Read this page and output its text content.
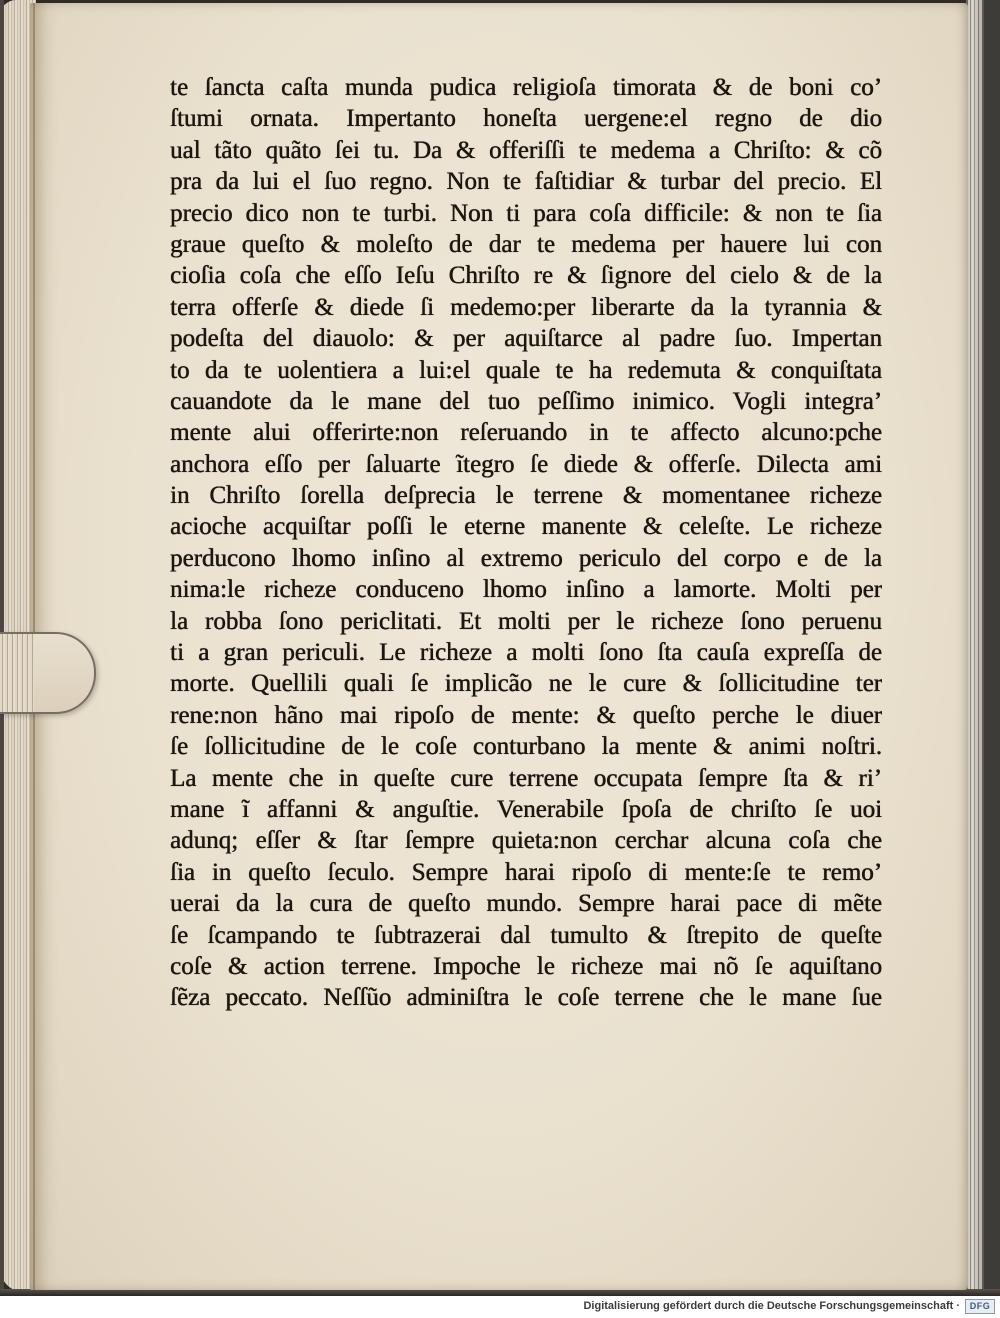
te ſancta caſta munda pudica religioſa timorata & de boni co’
ſtumi ornata. Impertanto honeſta uergene:el regno de dio
ual tãto quãto ſei tu. Da & offeriſſi te medema a Chriſto: & cõ
pra da lui el ſuo regno. Non te faſtidiar & turbar del precio. El
precio dico non te turbi. Non ti para coſa difficile: & non te ſia
graue queſto & moleſto de dar te medema per hauere lui con
cioſia coſa che eſſo Ieſu Chriſto re & ſignore del cielo & de la
terra offerſe & diede ſi medemo:per liberarte da la tyrannia &
podeſta del diauolo: & per aquiſtarce al padre ſuo. Impertan
to da te uolentiera a lui:el quale te ha redemuta & conquiſtata
cauandote da le mane del tuo peſſimo inimico. Vogli integra’
mente alui offerirte:non reſeruando in te affecto alcuno:pche
anchora eſſo per ſaluarte ĩtegro ſe diede & offerſe. Dilecta ami
in Chriſto ſorella deſprecia le terrene & momentanee richeze
acioche acquiſtar poſſi le eterne manente & celeſte. Le richeze
perducono lhomo inſino al extremo periculo del corpo e de la
nima:le richeze conduceno lhomo inſino a lamorte. Molti per
la robba ſono periclitati. Et molti per le richeze ſono peruenu
ti a gran periculi. Le richeze a molti ſono ſta cauſa expreſſa de
morte. Quellili quali ſe implicão ne le cure & ſollicitudine ter
rene:non hãno mai ripoſo de mente: & queſto perche le diuer
ſe ſollicitudine de le coſe conturbano la mente & animi noſtri.
La mente che in queſte cure terrene occupata ſempre ſta & ri’
mane ĩ affanni & anguſtie. Venerabile ſpoſa de chriſto ſe uoi
adunq; eſſer & ſtar ſempre quieta:non cerchar alcuna coſa che
ſia in queſto ſeculo. Sempre harai ripoſo di mente:ſe te remo’
uerai da la cura de queſto mundo. Sempre harai pace di mẽte
ſe ſcampando te ſubtrazerai dal tumulto & ſtrepito de queſte
coſe & action terrene. Impoche le richeze mai nõ ſe aquiſtano
ſẽza peccato. Neſſũo adminiſtra le coſe terrene che le mane ſue
Digitalisierung gefördert durch die Deutsche Forschungsgemeinschaft ·	DFG
